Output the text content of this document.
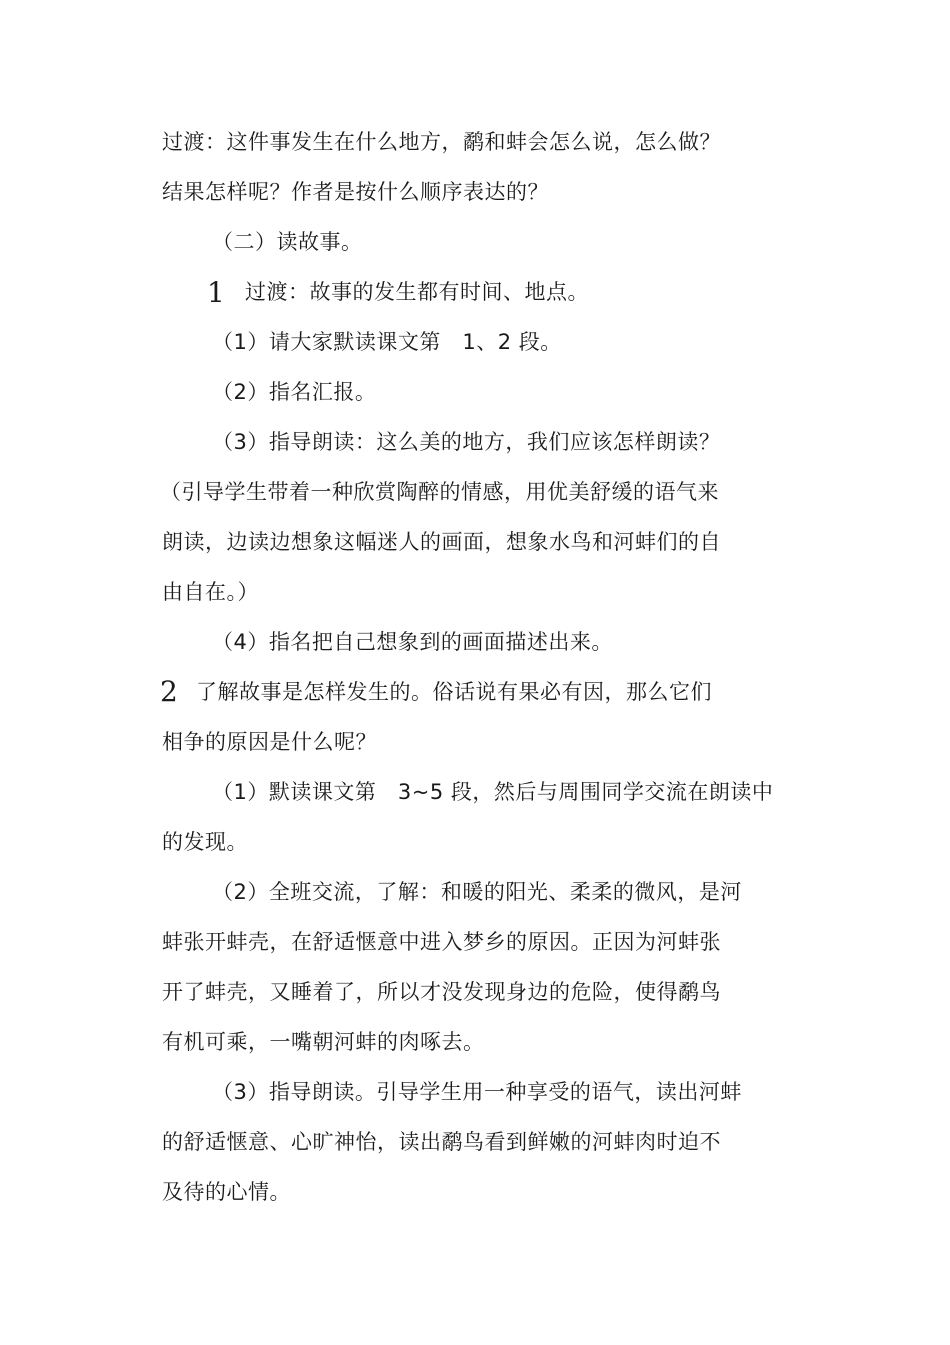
过渡：这件事发生在什么地方，鹬和蚌会怎么说，怎么做？
结果怎样呢？作者是按什么顺序表达的？
（二）读故事。
1 过渡：故事的发生都有时间、地点。
（1）请大家默读课文第　1、2 段。
（2）指名汇报。
（3）指导朗读：这么美的地方，我们应该怎样朗读？
（引导学生带着一种欣赏陶醉的情感，用优美舒缓的语气来
朗读，边读边想象这幅迷人的画面，想象水鸟和河蚌们的自
由自在。）
（4）指名把自己想象到的画面描述出来。
2 了解故事是怎样发生的。俗话说有果必有因，那么它们
相争的原因是什么呢？
（1）默读课文第　3~5 段，然后与周围同学交流在朗读中
的发现。
（2）全班交流，了解：和暖的阳光、柔柔的微风，是河
蚌张开蚌壳，在舒适惬意中进入梦乡的原因。正因为河蚌张
开了蚌壳，又睡着了，所以才没发现身边的危险，使得鹬鸟
有机可乘，一嘴朝河蚌的肉啄去。
（3）指导朗读。引导学生用一种享受的语气，读出河蚌
的舒适惬意、心旷神怡，读出鹬鸟看到鲜嫩的河蚌肉时迫不
及待的心情。
